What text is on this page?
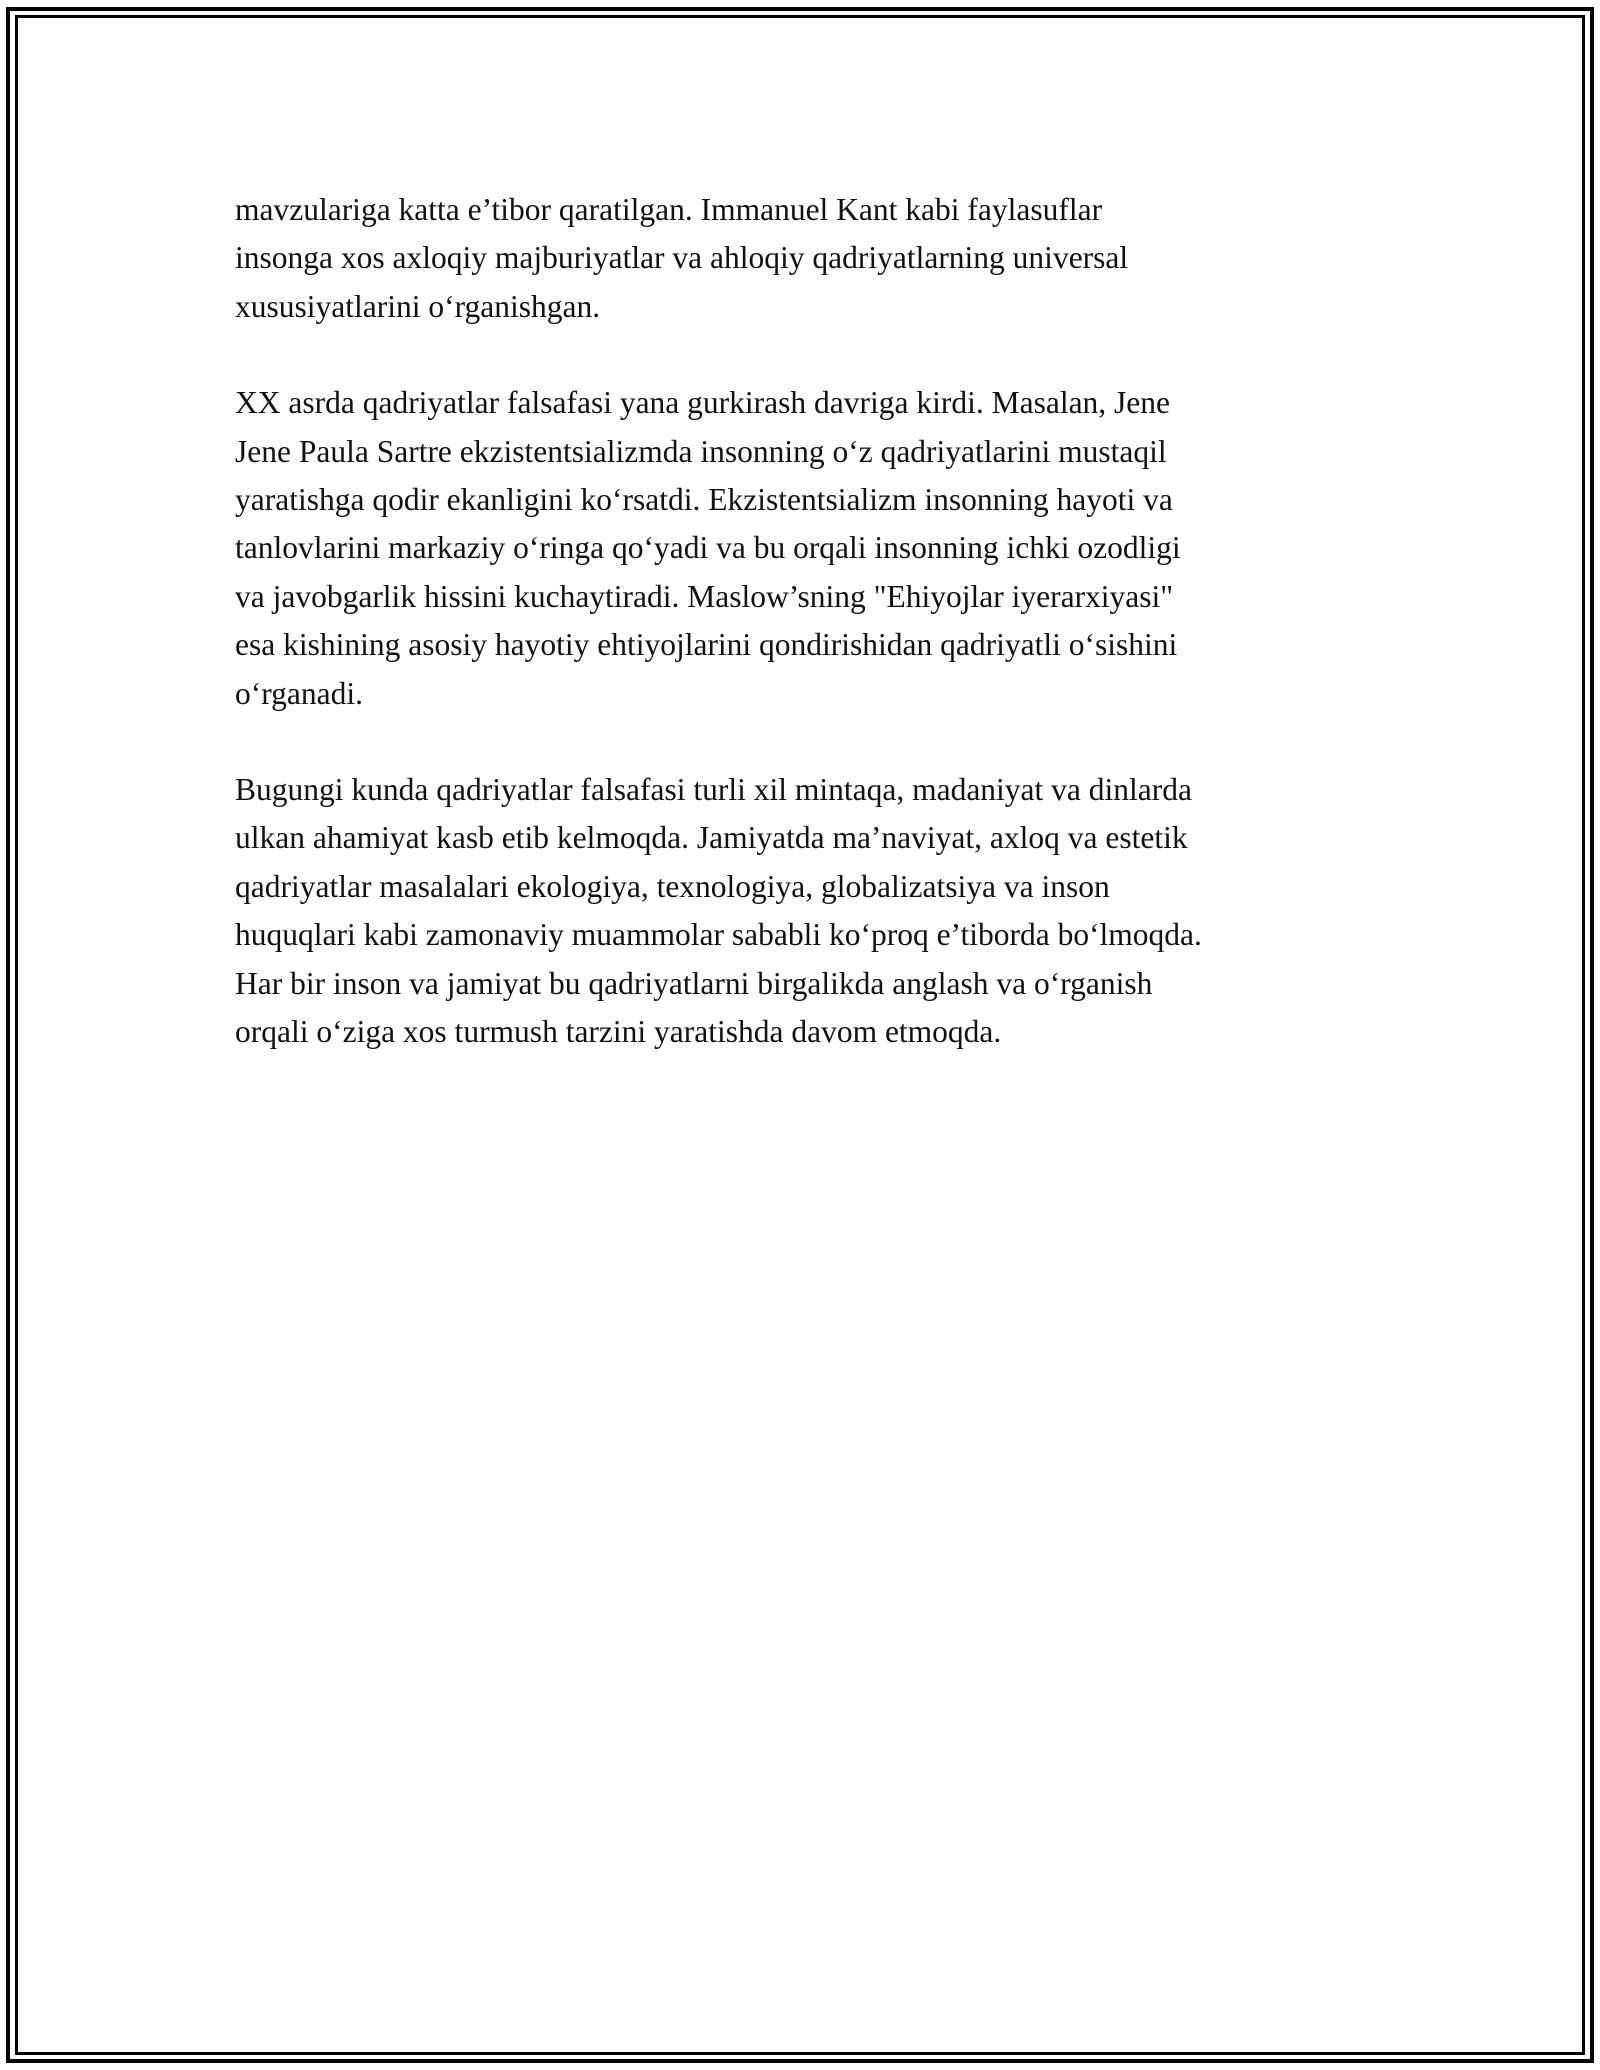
mavzulariga katta e’tibor qaratilgan. Immanuel Kant kabi faylasuflar
insonga xos axloqiy majburiyatlar va ahloqiy qadriyatlarning universal
xususiyatlarini o‘rganishgan.

XX asrda qadriyatlar falsafasi yana gurkirash davriga kirdi. Masalan, Jene
Jene Paula Sartre ekzistentsializmda insonning o‘z qadriyatlarini mustaqil
yaratishga qodir ekanligini ko‘rsatdi. Ekzistentsializm insonning hayoti va
tanlovlarini markaziy o‘ringa qo‘yadi va bu orqali insonning ichki ozodligi
va javobgarlik hissini kuchaytiradi. Maslow’sning "Ehiyojlar iyerarxiyasi"
esa kishining asosiy hayotiy ehtiyojlarini qondirishidan qadriyatli o‘sishini
o‘rganadi.

Bugungi kunda qadriyatlar falsafasi turli xil mintaqa, madaniyat va dinlarda
ulkan ahamiyat kasb etib kelmoqda. Jamiyatda ma’naviyat, axloq va estetik
qadriyatlar masalalari ekologiya, texnologiya, globalizatsiya va inson
huquqlari kabi zamonaviy muammolar sababli ko‘proq e’tiborda bo‘lmoqda.
Har bir inson va jamiyat bu qadriyatlarni birgalikda anglash va o‘rganish
orqali o‘ziga xos turmush tarzini yaratishda davom etmoqda.
